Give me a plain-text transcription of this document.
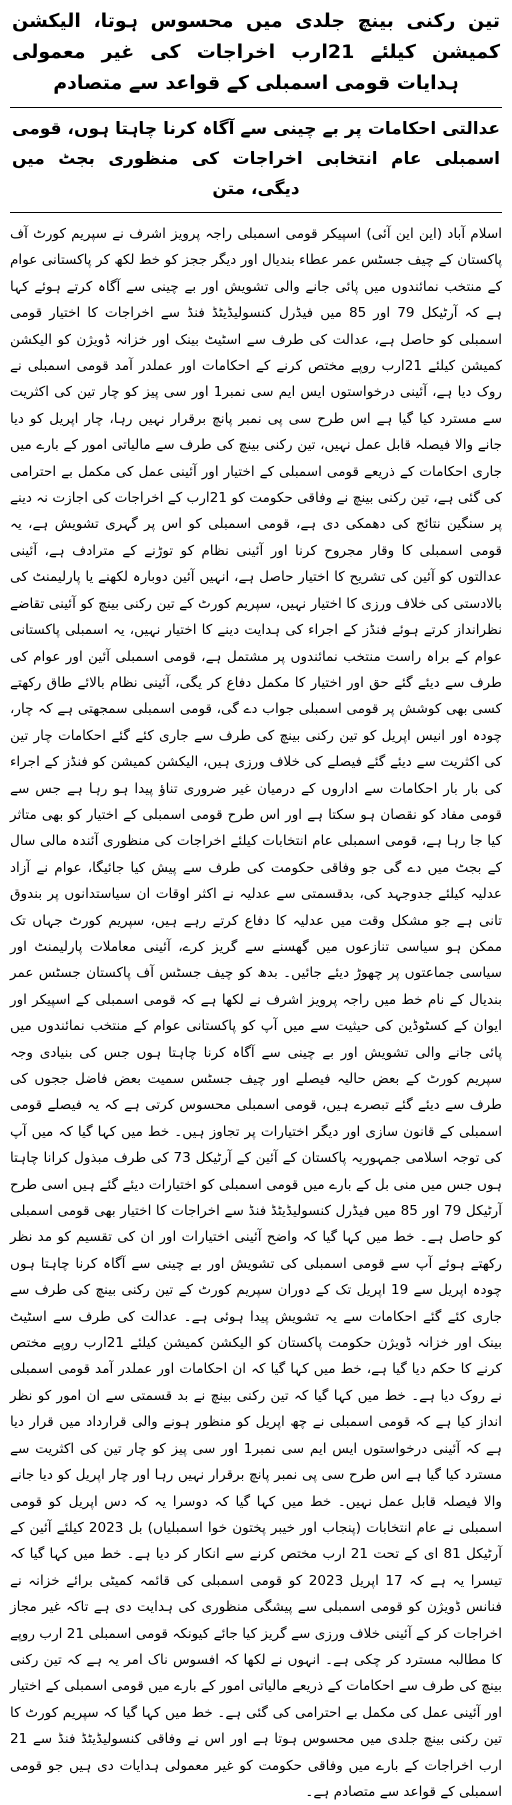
تین رکنی بینچ جلدی میں محسوس ہوتا، الیکشن کمیشن کیلئے 21ارب اخراجات کی غیر معمولی ہدایات قومی اسمبلی کے قواعد سے متصادم
عدالتی احکامات پر بے چینی سے آگاہ کرنا چاہتا ہوں، قومی اسمبلی عام انتخابی اخراجات کی منظوری بجٹ میں دیگی، متن

اسلام آباد (این این آئی) اسپیکر قومی اسمبلی راجہ پرویز اشرف نے سپریم کورٹ آف پاکستان کے چیف جسٹس عمر عطاء بندیال اور دیگر ججز کو خط لکھ کر پاکستانی عوام کے منتخب نمائندوں میں پائی جانے والی تشویش اور بے چینی سے آگاہ کرتے ہوئے کہا ہے کہ آرٹیکل 79 اور 85 میں فیڈرل کنسولیڈیٹڈ فنڈ سے اخراجات کا اختیار قومی اسمبلی کو حاصل ہے، عدالت کی طرف سے اسٹیٹ بینک اور خزانہ ڈویژن کو الیکشن کمیشن کیلئے 21ارب روپے مختص کرنے کے احکامات اور عملدر آمد قومی اسمبلی نے روک دیا ہے، آئینی درخواستوں ایس ایم سی نمبر1 اور سی پیز کو چار تین کی اکثریت سے مسترد کیا گیا ہے اس طرح سی پی نمبر پانچ برقرار نہیں رہا، چار اپریل کو دیا جانے والا فیصلہ قابل عمل نہیں، تین رکنی بینچ کی طرف سے مالیاتی امور کے بارے میں جاری احکامات کے ذریعے قومی اسمبلی کے اختیار اور آئینی عمل کی مکمل بے احترامی کی گئی ہے، تین رکنی بینچ نے وفاقی حکومت کو 21ارب کے اخراجات کی اجازت نہ دینے پر سنگین نتائج کی دھمکی دی ہے، قومی اسمبلی کو اس پر گہری تشویش ہے، یہ قومی اسمبلی کا وقار مجروح کرنا اور آئینی نظام کو توڑنے کے مترادف ہے، آئینی عدالتوں کو آئین کی تشریح کا اختیار حاصل ہے، انہیں آئین دوبارہ لکھنے یا پارلیمنٹ کی بالادستی کی خلاف ورزی کا اختیار نہیں، سپریم کورٹ کے تین رکنی بینچ کو آئینی تقاضے نظرانداز کرتے ہوئے فنڈز کے اجراء کی ہدایت دینے کا اختیار نہیں، یہ اسمبلی پاکستانی عوام کے براہ راست منتخب نمائندوں پر مشتمل ہے، قومی اسمبلی آئین اور عوام کی طرف سے دیئے گئے حق اور اختیار کا مکمل دفاع کر یگی، آئینی نظام بالائے طاق رکھتے کسی بھی کوشش پر قومی اسمبلی جواب دے گی، قومی اسمبلی سمجھتی ہے کہ چار، چودہ اور انیس اپریل کو تین رکنی بینچ کی طرف سے جاری کئے گئے احکامات چار تین کی اکثریت سے دیئے گئے فیصلے کی خلاف ورزی ہیں، الیکشن کمیشن کو فنڈز کے اجراء کی بار بار احکامات سے اداروں کے درمیان غیر ضروری تناؤ پیدا ہو رہا ہے جس سے قومی مفاد کو نقصان ہو سکتا ہے اور اس طرح قومی اسمبلی کے اختیار کو بھی متاثر کیا جا رہا ہے، قومی اسمبلی عام انتخابات کیلئے اخراجات کی منظوری آئندہ مالی سال کے بجٹ میں دے گی جو وفاقی حکومت کی طرف سے پیش کیا جائیگا، عوام نے آزاد عدلیہ کیلئے جدوجہد کی، بدقسمتی سے عدلیہ نے اکثر اوقات ان سیاستدانوں پر بندوق تانی ہے جو مشکل وقت میں عدلیہ کا دفاع کرتے رہے ہیں، سپریم کورٹ جہاں تک ممکن ہو سیاسی تنازعوں میں گھسنے سے گریز کرے، آئینی معاملات پارلیمنٹ اور سیاسی جماعتوں پر چھوڑ دیئے جائیں۔ بدھ کو چیف جسٹس آف پاکستان جسٹس عمر بندیال کے نام خط میں راجہ پرویز اشرف نے لکھا ہے کہ قومی اسمبلی کے اسپیکر اور ایوان کے کسٹوڈین کی حیثیت سے میں آپ کو پاکستانی عوام کے منتخب نمائندوں میں پائی جانے والی تشویش اور بے چینی سے آگاہ کرنا چاہتا ہوں جس کی بنیادی وجہ سپریم کورٹ کے بعض حالیہ فیصلے اور چیف جسٹس سمیت بعض فاضل ججوں کی طرف سے دیئے گئے تبصرے ہیں، قومی اسمبلی محسوس کرتی ہے کہ یہ فیصلے قومی اسمبلی کے قانون سازی اور دیگر اختیارات پر تجاوز ہیں۔ خط میں کہا گیا کہ میں آپ کی توجہ اسلامی جمہوریہ پاکستان کے آئین کے آرٹیکل 73 کی طرف مبذول کرانا چاہتا ہوں جس میں منی بل کے بارے میں قومی اسمبلی کو اختیارات دیئے گئے ہیں اسی طرح آرٹیکل 79 اور 85 میں فیڈرل کنسولیڈیٹڈ فنڈ سے اخراجات کا اختیار بھی قومی اسمبلی کو حاصل ہے۔ خط میں کہا گیا کہ واضح آئینی اختیارات اور ان کی تقسیم کو مد نظر رکھتے ہوئے آپ سے قومی اسمبلی کی تشویش اور بے چینی سے آگاہ کرنا چاہتا ہوں چودہ اپریل سے 19 اپریل تک کے دوران سپریم کورٹ کے تین رکنی بینچ کی طرف سے جاری کئے گئے احکامات سے یہ تشویش پیدا ہوئی ہے۔ عدالت کی طرف سے اسٹیٹ بینک اور خزانہ ڈویژن حکومت پاکستان کو الیکشن کمیشن کیلئے 21ارب روپے مختص کرنے کا حکم دیا گیا ہے، خط میں کہا گیا کہ ان احکامات اور عملدر آمد قومی اسمبلی نے روک دیا ہے۔ خط میں کہا گیا کہ تین رکنی بینچ نے بد قسمتی سے ان امور کو نظر انداز کیا ہے کہ قومی اسمبلی نے چھ اپریل کو منظور ہونے والی قرارداد میں قرار دیا ہے کہ آئینی درخواستوں ایس ایم سی نمبر1 اور سی پیز کو چار تین کی اکثریت سے مسترد کیا گیا ہے اس طرح سی پی نمبر پانچ برقرار نہیں رہا اور چار اپریل کو دیا جانے والا فیصلہ قابل عمل نہیں۔ خط میں کہا گیا کہ دوسرا یہ کہ دس اپریل کو قومی اسمبلی نے عام انتخابات (پنجاب اور خیبر پختون خوا اسمبلیاں) بل 2023 کیلئے آئین کے آرٹیکل 81 ای کے تحت 21 ارب مختص کرنے سے انکار کر دیا ہے۔ خط میں کہا گیا کہ تیسرا یہ ہے کہ 17 اپریل 2023 کو قومی اسمبلی کی قائمہ کمیٹی برائے خزانہ نے فنانس ڈویژن کو قومی اسمبلی سے پیشگی منظوری کی ہدایت دی ہے تاکہ غیر مجاز اخراجات کر کے آئینی خلاف ورزی سے گریز کیا جائے کیونکہ قومی اسمبلی 21 ارب روپے کا مطالبہ مسترد کر چکی ہے۔ انہوں نے لکھا کہ افسوس ناک امر یہ ہے کہ تین رکنی بینچ کی طرف سے احکامات کے ذریعے مالیاتی امور کے بارے میں قومی اسمبلی کے اختیار اور آئینی عمل کی مکمل بے احترامی کی گئی ہے۔ خط میں کہا گیا کہ سپریم کورٹ کا تین رکنی بینچ جلدی میں محسوس ہوتا ہے اور اس نے وفاقی کنسولیڈیٹڈ فنڈ سے 21 ارب اخراجات کے بارے میں وفاقی حکومت کو غیر معمولی ہدایات دی ہیں جو قومی اسمبلی کے قواعد سے متصادم ہے۔
